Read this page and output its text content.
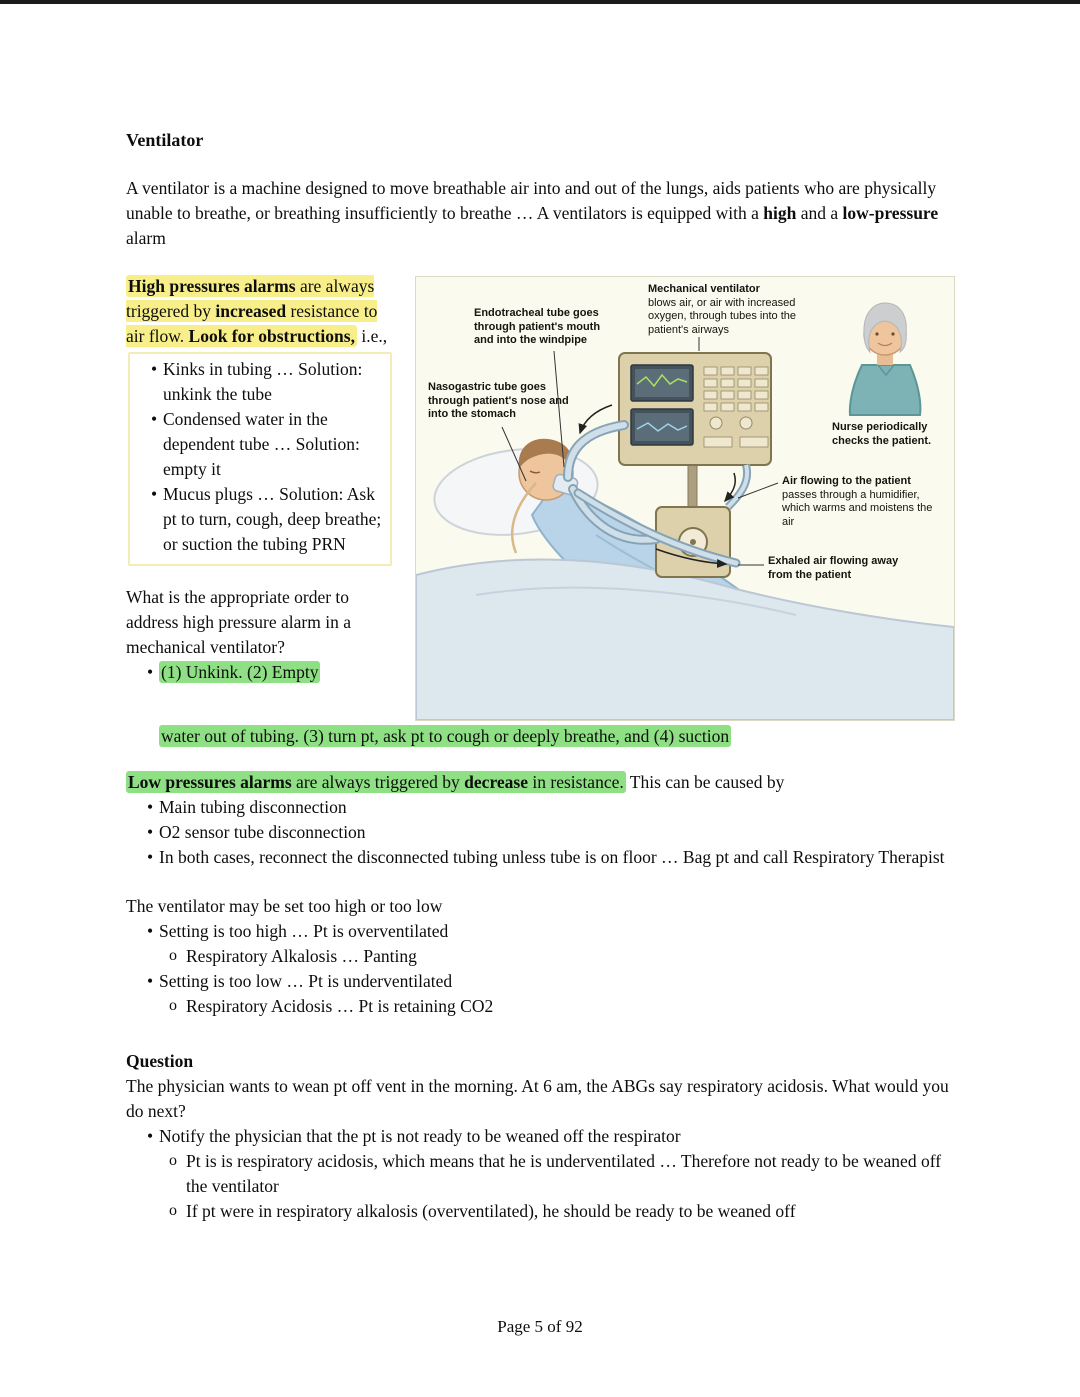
Ventilator

A ventilator is a machine designed to move breathable air into and out of the lungs, aids patients who are physically unable to breathe, or breathing insufficiently to breathe … A ventilators is equipped with a high and a low-pressure alarm

Endotracheal tube goes through patient's mouth and into the windpipe
Mechanical ventilator
blows air, or air with increased oxygen, through tubes into the patient's airways
Nasogastric tube goes through patient's nose and into the stomach
Nurse periodically checks the patient.
Air flowing to the patient
passes through a humidifier, which warms and moistens the air
Exhaled air flowing away from the patient

High pressures alarms are always triggered by increased resistance to air flow. Look for obstructions, i.e.,

• Kinks in tubing … Solution: unkink the tube
• Condensed water in the dependent tube … Solution: empty it
• Mucus plugs … Solution: Ask pt to turn, cough, deep breathe; or suction the tubing PRN

What is the appropriate order to address high pressure alarm in a mechanical ventilator?

• (1) Unkink. (2) Empty
water out of tubing. (3) turn pt, ask pt to cough or deeply breathe, and (4) suction

Low pressures alarms are always triggered by decrease in resistance. This can be caused by

• Main tubing disconnection
• O2 sensor tube disconnection
• In both cases, reconnect the disconnected tubing unless tube is on floor … Bag pt and call Respiratory Therapist

The ventilator may be set too high or too low

• Setting is too high … Pt is overventilated
o Respiratory Alkalosis … Panting
• Setting is too low … Pt is underventilated
o Respiratory Acidosis … Pt is retaining CO2

Question

The physician wants to wean pt off vent in the morning. At 6 am, the ABGs say respiratory acidosis. What would you do next?

• Notify the physician that the pt is not ready to be weaned off the respirator
o Pt is is respiratory acidosis, which means that he is underventilated … Therefore not ready to be weaned off the ventilator
o If pt were in respiratory alkalosis (overventilated), he should be ready to be weaned off
Page 5 of 92
